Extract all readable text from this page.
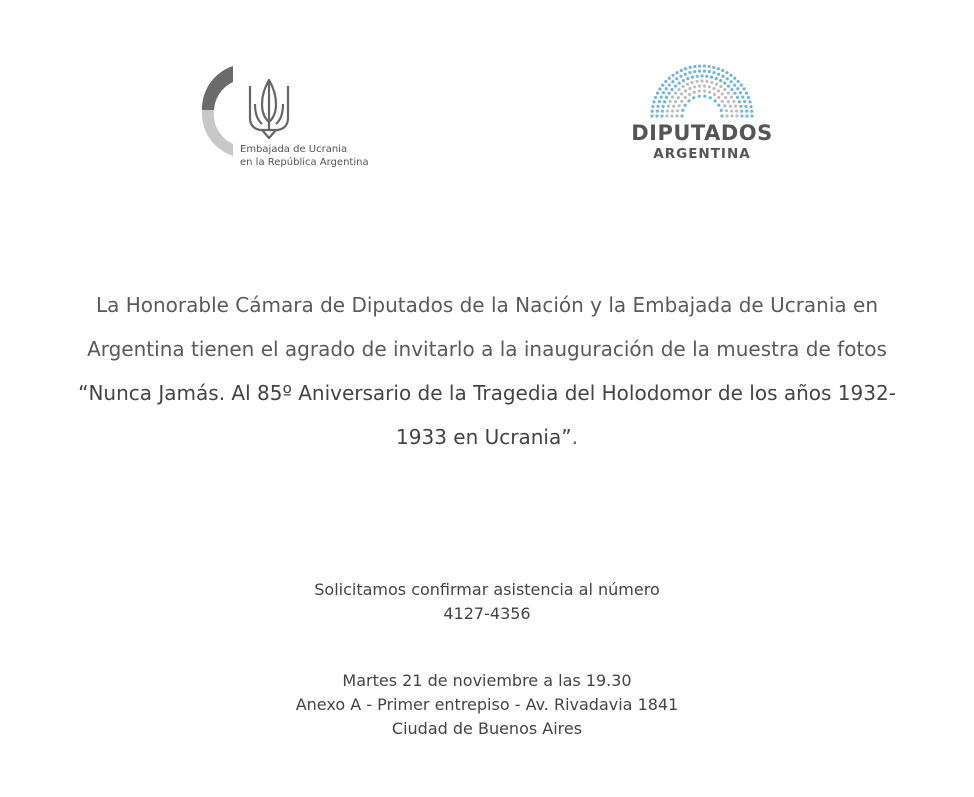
Embajada de Ucrania
en la República Argentina
DIPUTADOS
ARGENTINA
La Honorable Cámara de Diputados de la Nación y la Embajada de Ucrania en Argentina tienen el agrado de invitarlo a la inauguración de la muestra de fotos “Nunca Jamás. Al 85º Aniversario de la Tragedia del Holodomor de los años 1932-1933 en Ucrania”.
Solicitamos confirmar asistencia al número
4127-4356
Martes 21 de noviembre a las 19.30
Anexo A - Primer entrepiso - Av. Rivadavia 1841
Ciudad de Buenos Aires
